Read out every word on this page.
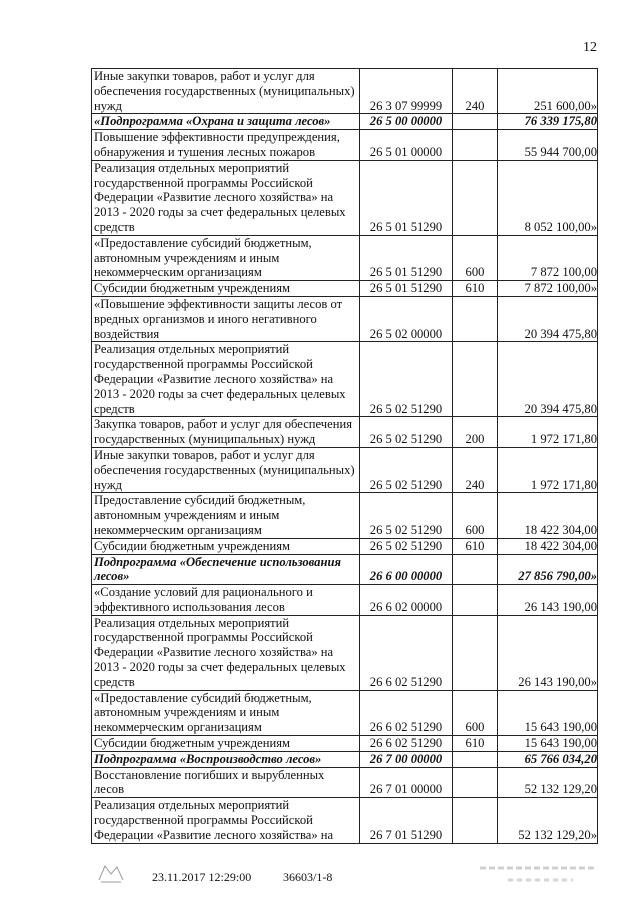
12
Иные закупки товаров, работ и услуг для обеспечения государственных (муниципальных) нужд	26 3 07 99999	240	251 600,00»
«Подпрограмма «Охрана и защита лесов»	26 5 00 00000		76 339 175,80
Повышение эффективности предупреждения, обнаружения и тушения лесных пожаров	26 5 01 00000		55 944 700,00
Реализация отдельных мероприятий государственной программы Российской Федерации «Развитие лесного хозяйства» на 2013 - 2020 годы за счет федеральных целевых средств	26 5 01 51290		8 052 100,00»
«Предоставление субсидий бюджетным, автономным учреждениям и иным некоммерческим организациям	26 5 01 51290	600	7 872 100,00
Субсидии бюджетным учреждениям	26 5 01 51290	610	7 872 100,00»
«Повышение эффективности защиты лесов от вредных организмов и иного негативного воздействия	26 5 02 00000		20 394 475,80
Реализация отдельных мероприятий государственной программы Российской Федерации «Развитие лесного хозяйства» на 2013 - 2020 годы за счет федеральных целевых средств	26 5 02 51290		20 394 475,80
Закупка товаров, работ и услуг для обеспечения государственных (муниципальных) нужд	26 5 02 51290	200	1 972 171,80
Иные закупки товаров, работ и услуг для обеспечения государственных (муниципальных) нужд	26 5 02 51290	240	1 972 171,80
Предоставление субсидий бюджетным, автономным учреждениям и иным некоммерческим организациям	26 5 02 51290	600	18 422 304,00
Субсидии бюджетным учреждениям	26 5 02 51290	610	18 422 304,00
Подпрограмма «Обеспечение использования лесов»	26 6 00 00000		27 856 790,00»
«Создание условий для рационального и эффективного использования лесов	26 6 02 00000		26 143 190,00
Реализация отдельных мероприятий государственной программы Российской Федерации «Развитие лесного хозяйства» на 2013 - 2020 годы за счет федеральных целевых средств	26 6 02 51290		26 143 190,00»
«Предоставление субсидий бюджетным, автономным учреждениям и иным некоммерческим организациям	26 6 02 51290	600	15 643 190,00
Субсидии бюджетным учреждениям	26 6 02 51290	610	15 643 190,00
Подпрограмма «Воспроизводство лесов»	26 7 00 00000		65 766 034,20
Восстановление погибших и вырубленных лесов	26 7 01 00000		52 132 129,20
Реализация отдельных мероприятий государственной программы Российской Федерации «Развитие лесного хозяйства» на	26 7 01 51290		52 132 129,20»
23.11.2017 12:29:00	36603/1-8
